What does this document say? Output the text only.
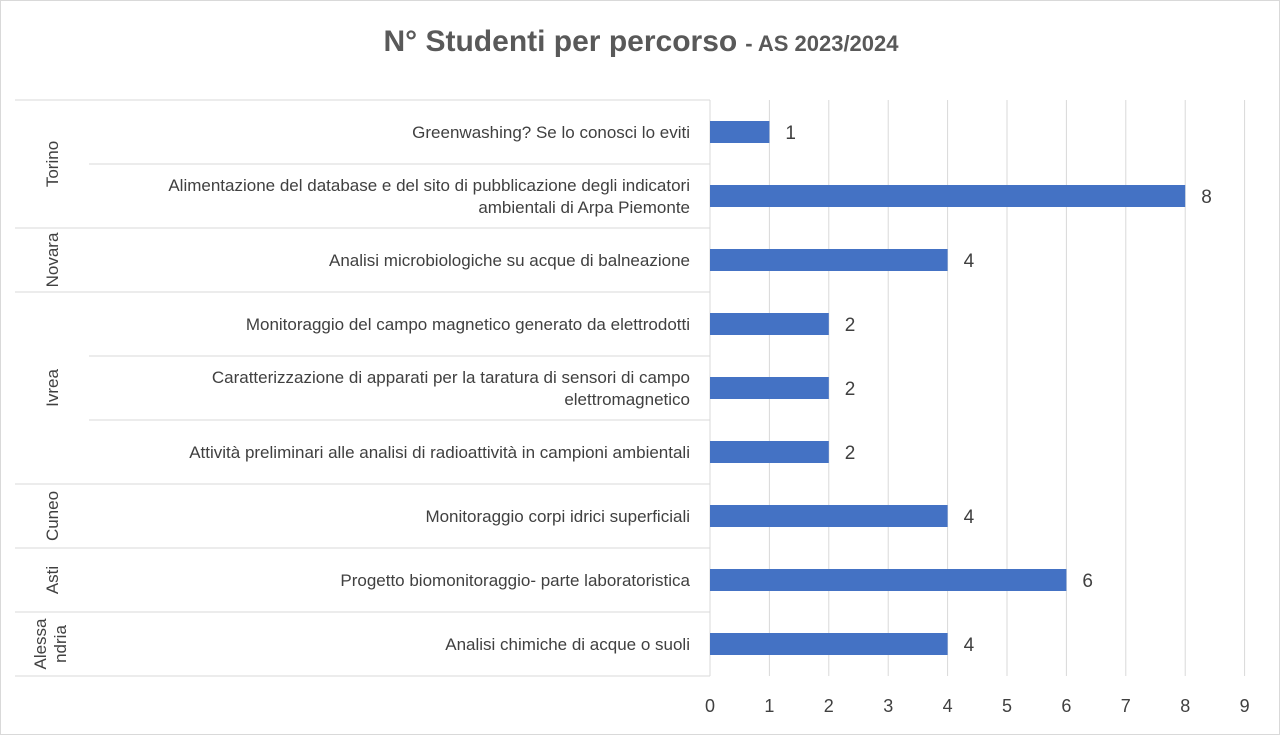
N° Studenti per percorso - AS 2023/2024
Torino
Greenwashing? Se lo conosci lo eviti	1
Alimentazione del database e del sito di pubblicazione degli indicatori ambientali di Arpa Piemonte	8
Novara	Analisi microbiologiche su acque di balneazione	4
Ivrea
Monitoraggio del campo magnetico generato da elettrodotti	2
Caratterizzazione di apparati per la taratura di sensori di campo elettromagnetico	2
Attività preliminari alle analisi di radioattività in campioni ambientali	2
Cuneo	Monitoraggio corpi idrici superficiali	4
Asti	Progetto biomonitoraggio- parte laboratoristica	6
Alessandria	Analisi chimiche di acque o suoli	4
0	1	2	3	4	5	6	7	8	9
